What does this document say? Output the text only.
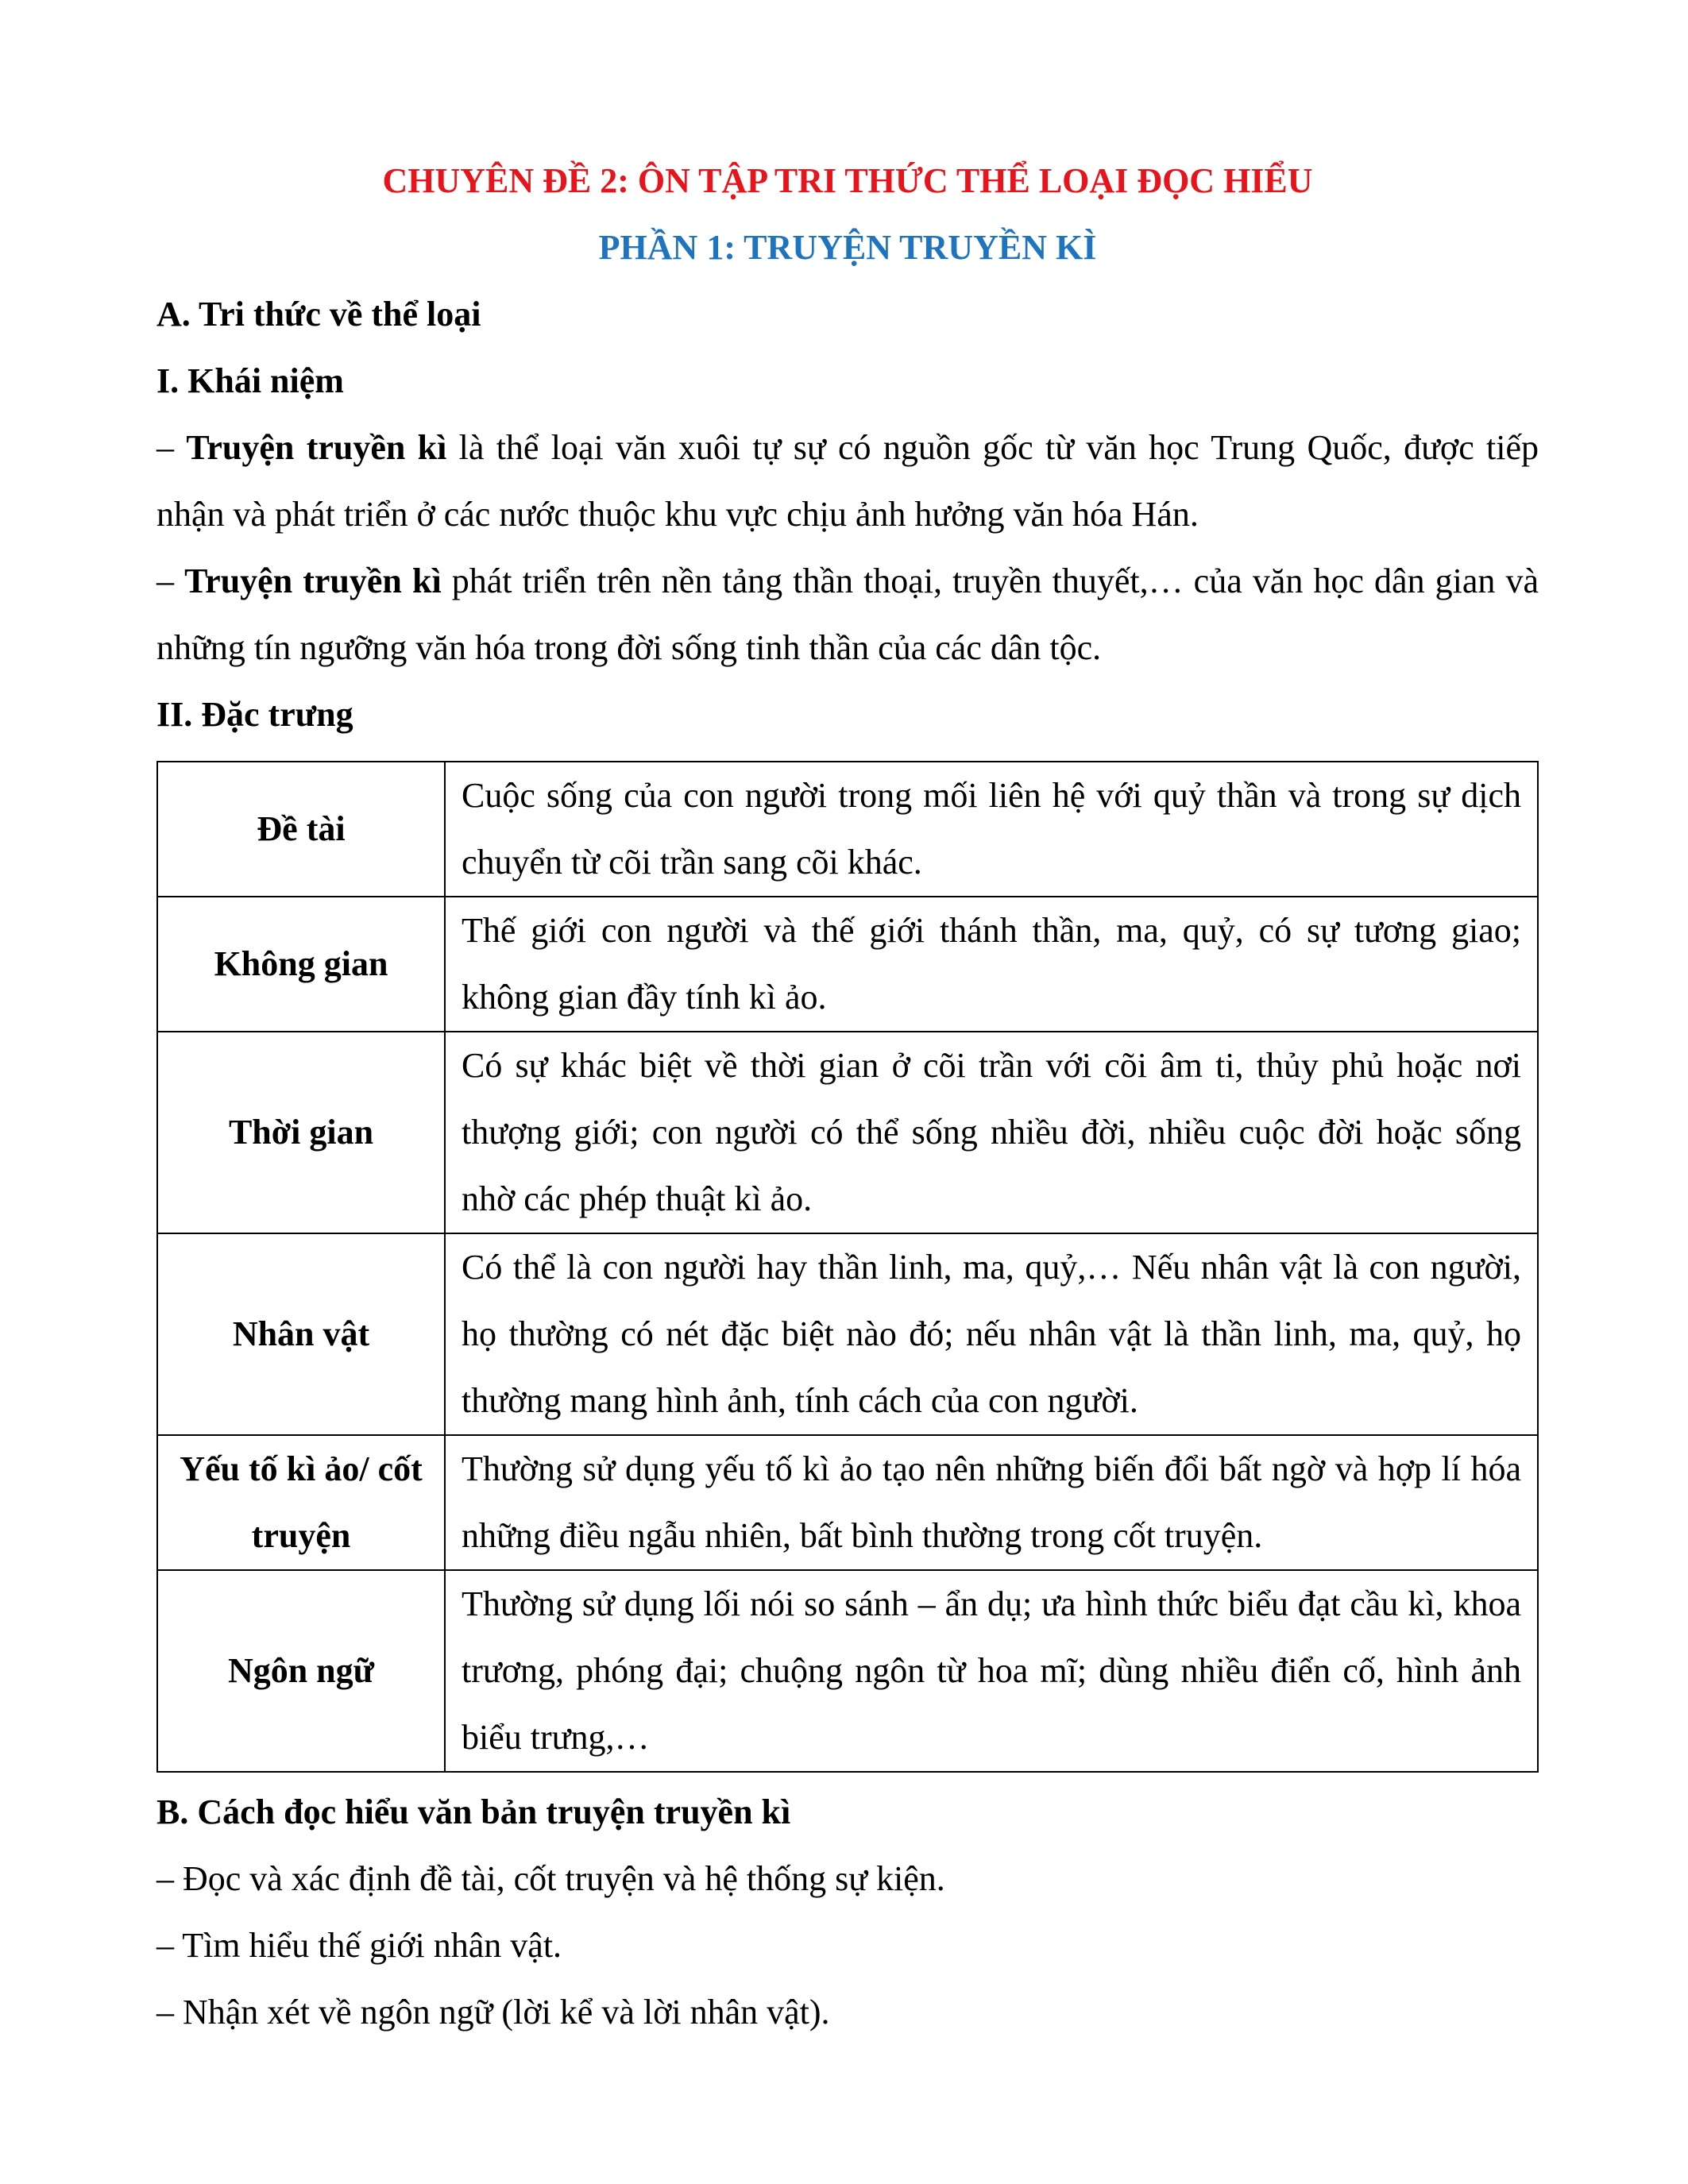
CHUYÊN ĐỀ 2: ÔN TẬP TRI THỨC THỂ LOẠI ĐỌC HIỂU
PHẦN 1: TRUYỆN TRUYỀN KÌ
A. Tri thức về thể loại
I. Khái niệm
– Truyện truyền kì là thể loại văn xuôi tự sự có nguồn gốc từ văn học Trung Quốc, được tiếp nhận và phát triển ở các nước thuộc khu vực chịu ảnh hưởng văn hóa Hán.
– Truyện truyền kì phát triển trên nền tảng thần thoại, truyền thuyết,… của văn học dân gian và những tín ngưỡng văn hóa trong đời sống tinh thần của các dân tộc.
II. Đặc trưng
Đề tài	Cuộc sống của con người trong mối liên hệ với quỷ thần và trong sự dịch chuyển từ cõi trần sang cõi khác.
Không gian	Thế giới con người và thế giới thánh thần, ma, quỷ, có sự tương giao; không gian đầy tính kì ảo.
Thời gian	Có sự khác biệt về thời gian ở cõi trần với cõi âm ti, thủy phủ hoặc nơi thượng giới; con người có thể sống nhiều đời, nhiều cuộc đời hoặc sống nhờ các phép thuật kì ảo.
Nhân vật	Có thể là con người hay thần linh, ma, quỷ,… Nếu nhân vật là con người, họ thường có nét đặc biệt nào đó; nếu nhân vật là thần linh, ma, quỷ, họ thường mang hình ảnh, tính cách của con người.
Yếu tố kì ảo/ cốt truyện	Thường sử dụng yếu tố kì ảo tạo nên những biến đổi bất ngờ và hợp lí hóa những điều ngẫu nhiên, bất bình thường trong cốt truyện.
Ngôn ngữ	Thường sử dụng lối nói so sánh – ẩn dụ; ưa hình thức biểu đạt cầu kì, khoa trương, phóng đại; chuộng ngôn từ hoa mĩ; dùng nhiều điển cố, hình ảnh biểu trưng,…
B. Cách đọc hiểu văn bản truyện truyền kì
– Đọc và xác định đề tài, cốt truyện và hệ thống sự kiện.
– Tìm hiểu thế giới nhân vật.
– Nhận xét về ngôn ngữ (lời kể và lời nhân vật).
